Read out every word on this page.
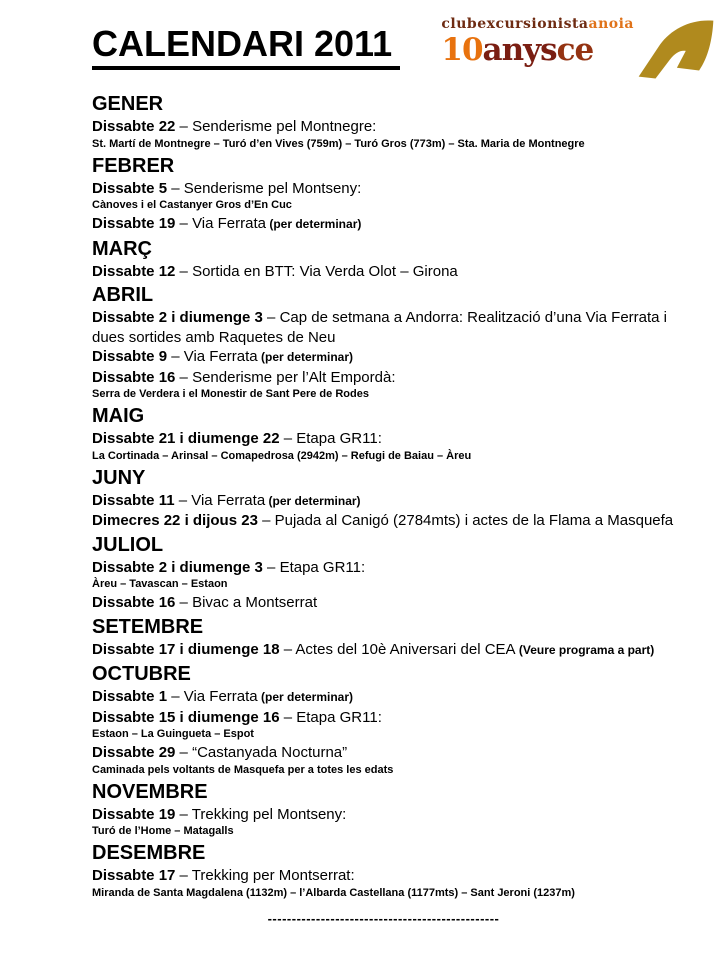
clubexcursionistaanoia
10anysce
CALENDARI 2011
GENER

Dissabte 22 – Senderisme pel Montnegre:

St. Martí de Montnegre – Turó d’en Vives (759m) – Turó Gros (773m) – Sta. Maria de Montnegre

FEBRER

Dissabte 5 – Senderisme pel Montseny:

Cànoves i el Castanyer Gros d’En Cuc

Dissabte 19 – Via Ferrata (per determinar)

MARÇ

Dissabte 12 – Sortida en BTT: Via Verda Olot – Girona

ABRIL

Dissabte 2 i diumenge 3 – Cap de setmana a Andorra: Realització d’una Via Ferrata i dues sortides amb Raquetes de Neu

Dissabte 9 – Via Ferrata (per determinar)

Dissabte 16 – Senderisme per l’Alt Empordà:

Serra de Verdera i el Monestir de Sant Pere de Rodes

MAIG

Dissabte 21 i diumenge 22 – Etapa GR11:

La Cortinada – Arinsal – Comapedrosa (2942m) – Refugi de Baiau – Àreu

JUNY

Dissabte 11 – Via Ferrata (per determinar)

Dimecres 22 i dijous 23 – Pujada al Canigó (2784mts) i actes de la Flama a Masquefa

JULIOL

Dissabte 2 i diumenge 3 – Etapa GR11:

Àreu – Tavascan – Estaon

Dissabte 16 – Bivac a Montserrat

SETEMBRE

Dissabte 17 i diumenge 18 – Actes del 10è Aniversari del CEA (Veure programa a part)

OCTUBRE

Dissabte 1 – Via Ferrata (per determinar)

Dissabte 15 i diumenge 16 – Etapa GR11:

Estaon – La Guingueta – Espot

Dissabte 29 – “Castanyada Nocturna”

Caminada pels voltants de Masquefa per a totes les edats

NOVEMBRE

Dissabte 19 – Trekking pel Montseny:

Turó de l’Home – Matagalls

DESEMBRE

Dissabte 17 – Trekking per Montserrat:

Miranda de Santa Magdalena (1132m) – l’Albarda Castellana (1177mts) – Sant Jeroni (1237m)

------------------------------------------------
